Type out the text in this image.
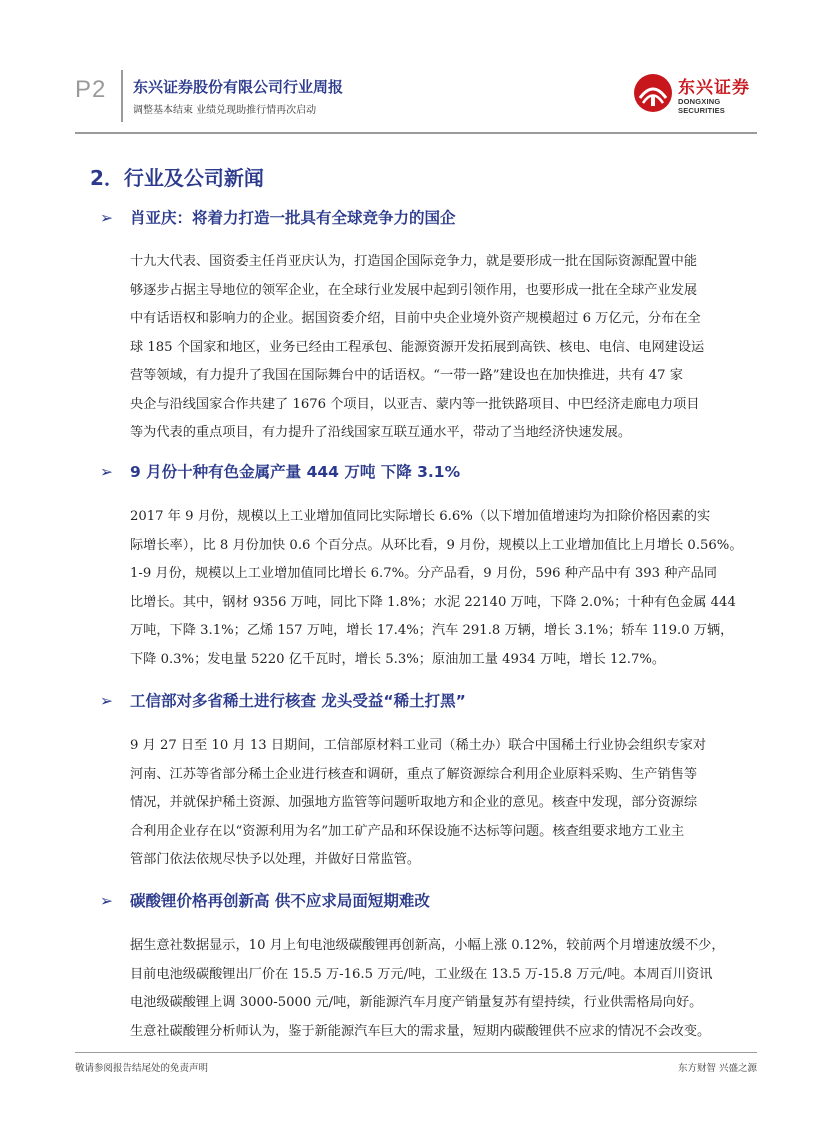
P2 东兴证券股份有限公司行业周报
调整基本结束 业绩兑现助推行情再次启动
东兴证券
DONGXING SECURITIES
2．行业及公司新闻
➢ 肖亚庆：将着力打造一批具有全球竞争力的国企
十九大代表、国资委主任肖亚庆认为，打造国企国际竞争力，就是要形成一批在国际资源配置中能
够逐步占据主导地位的领军企业，在全球行业发展中起到引领作用，也要形成一批在全球产业发展
中有话语权和影响力的企业。据国资委介绍，目前中央企业境外资产规模超过 6 万亿元，分布在全
球 185 个国家和地区，业务已经由工程承包、能源资源开发拓展到高铁、核电、电信、电网建设运
营等领域，有力提升了我国在国际舞台中的话语权。“一带一路”建设也在加快推进，共有 47 家
央企与沿线国家合作共建了 1676 个项目，以亚吉、蒙内等一批铁路项目、中巴经济走廊电力项目
等为代表的重点项目，有力提升了沿线国家互联互通水平，带动了当地经济快速发展。
➢ 9 月份十种有色金属产量 444 万吨 下降 3.1%
2017 年 9 月份，规模以上工业增加值同比实际增长 6.6%（以下增加值增速均为扣除价格因素的实
际增长率），比 8 月份加快 0.6 个百分点。从环比看，9 月份，规模以上工业增加值比上月增长 0.56%。
1-9 月份，规模以上工业增加值同比增长 6.7%。分产品看，9 月份，596 种产品中有 393 种产品同
比增长。其中，钢材 9356 万吨，同比下降 1.8%；水泥 22140 万吨，下降 2.0%；十种有色金属 444
万吨，下降 3.1%；乙烯 157 万吨，增长 17.4%；汽车 291.8 万辆，增长 3.1%；轿车 119.0 万辆，
下降 0.3%；发电量 5220 亿千瓦时，增长 5.3%；原油加工量 4934 万吨，增长 12.7%。
➢ 工信部对多省稀土进行核查 龙头受益“稀土打黑”
9 月 27 日至 10 月 13 日期间，工信部原材料工业司（稀土办）联合中国稀土行业协会组织专家对
河南、江苏等省部分稀土企业进行核查和调研，重点了解资源综合利用企业原料采购、生产销售等
情况，并就保护稀土资源、加强地方监管等问题听取地方和企业的意见。核查中发现，部分资源综
合利用企业存在以“资源利用为名”加工矿产品和环保设施不达标等问题。核查组要求地方工业主
管部门依法依规尽快予以处理，并做好日常监管。
➢ 碳酸锂价格再创新高 供不应求局面短期难改
据生意社数据显示，10 月上旬电池级碳酸锂再创新高，小幅上涨 0.12%，较前两个月增速放缓不少，
目前电池级碳酸锂出厂价在 15.5 万-16.5 万元/吨，工业级在 13.5 万-15.8 万元/吨。本周百川资讯
电池级碳酸锂上调 3000-5000 元/吨，新能源汽车月度产销量复苏有望持续，行业供需格局向好。
生意社碳酸锂分析师认为，鉴于新能源汽车巨大的需求量，短期内碳酸锂供不应求的情况不会改变。
敬请参阅报告结尾处的免责声明	东方财智 兴盛之源
